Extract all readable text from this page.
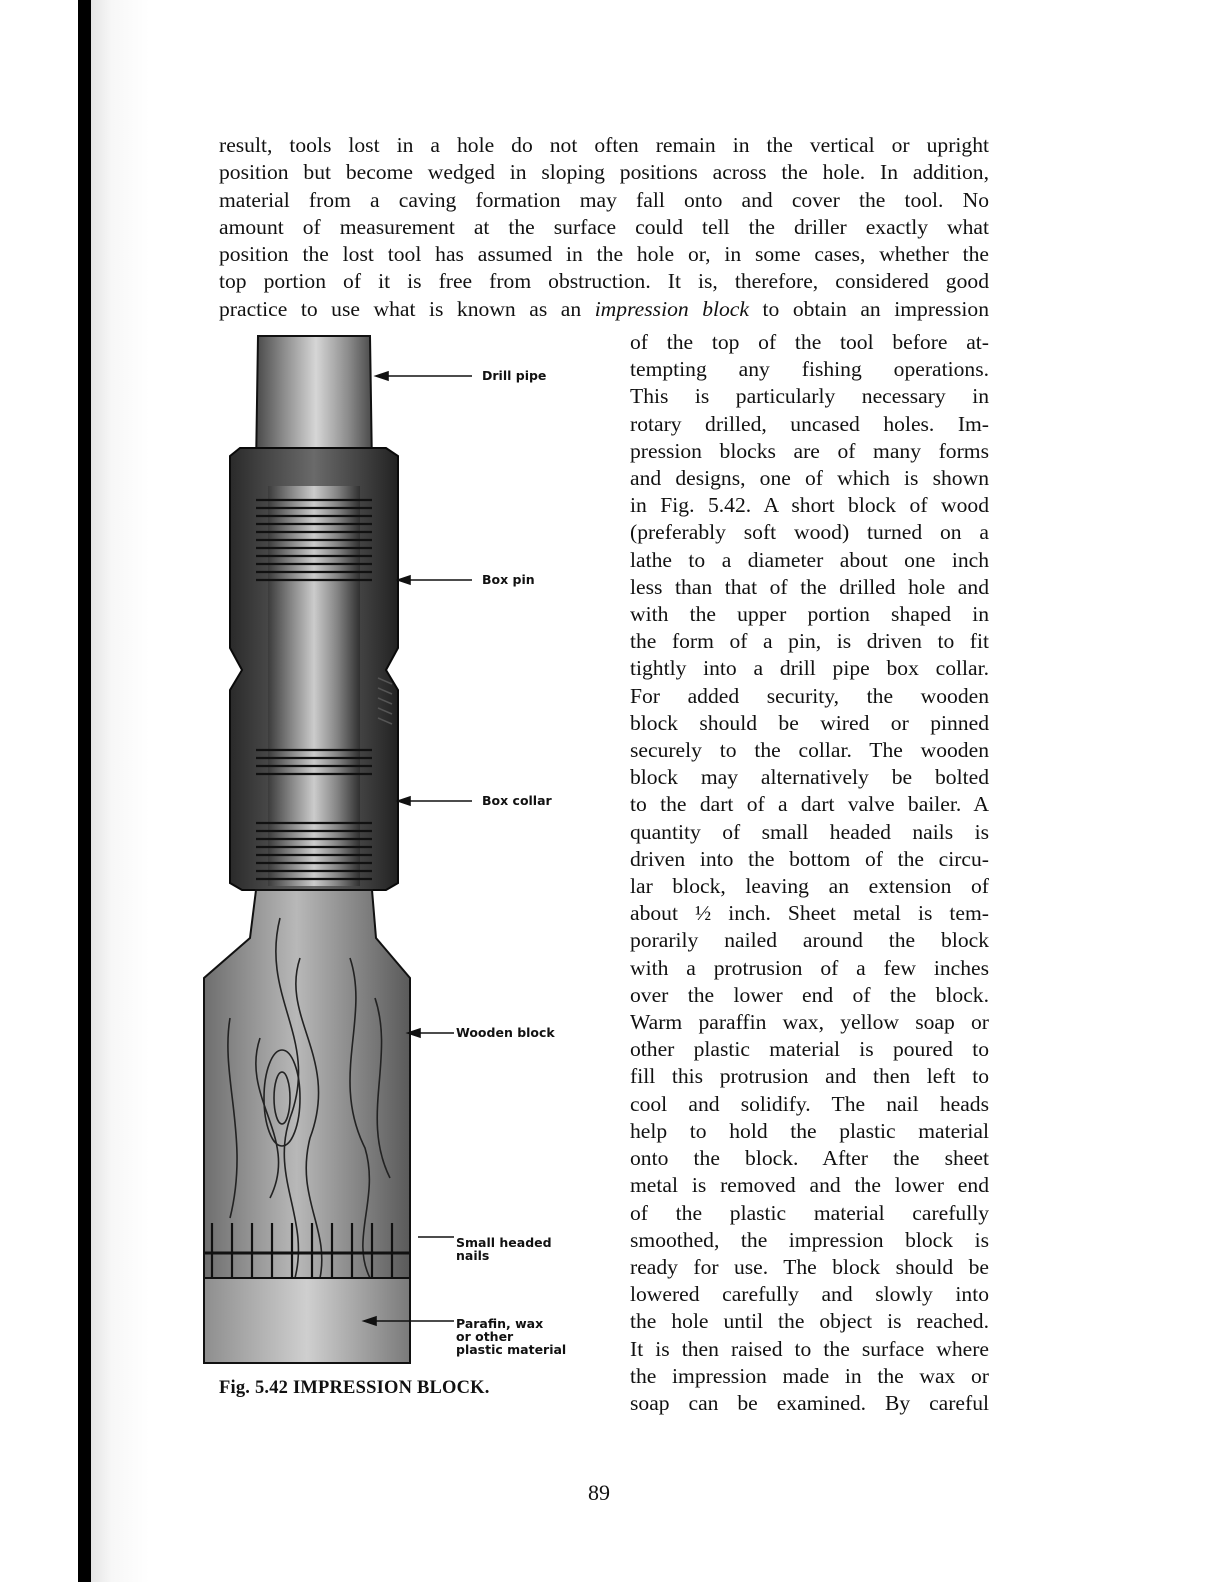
result, tools lost in a hole do not often remain in the vertical or upright
position but become wedged in sloping positions across the hole. In addition,
material from a caving formation may fall onto and cover the tool. No
amount of measurement at the surface could tell the driller exactly what
position the lost tool has assumed in the hole or, in some cases, whether the
top portion of it is free from obstruction. It is, therefore, considered good
practice to use what is known as an impression block to obtain an impression
Drill pipe
Box pin
Box collar
Wooden block
Small headed
nails
Parafin, wax
or other
plastic material
Fig. 5.42 IMPRESSION BLOCK.
of the top of the tool before at-
tempting any fishing operations.
This is particularly necessary in
rotary drilled, uncased holes. Im-
pression blocks are of many forms
and designs, one of which is shown
in Fig. 5.42. A short block of wood
(preferably soft wood) turned on a
lathe to a diameter about one inch
less than that of the drilled hole and
with the upper portion shaped in
the form of a pin, is driven to fit
tightly into a drill pipe box collar.
For added security, the wooden
block should be wired or pinned
securely to the collar. The wooden
block may alternatively be bolted
to the dart of a dart valve bailer. A
quantity of small headed nails is
driven into the bottom of the circu-
lar block, leaving an extension of
about ½ inch. Sheet metal is tem-
porarily nailed around the block
with a protrusion of a few inches
over the lower end of the block.
Warm paraffin wax, yellow soap or
other plastic material is poured to
fill this protrusion and then left to
cool and solidify. The nail heads
help to hold the plastic material
onto the block. After the sheet
metal is removed and the lower end
of the plastic material carefully
smoothed, the impression block is
ready for use. The block should be
lowered carefully and slowly into
the hole until the object is reached.
It is then raised to the surface where
the impression made in the wax or
soap can be examined. By careful
89
